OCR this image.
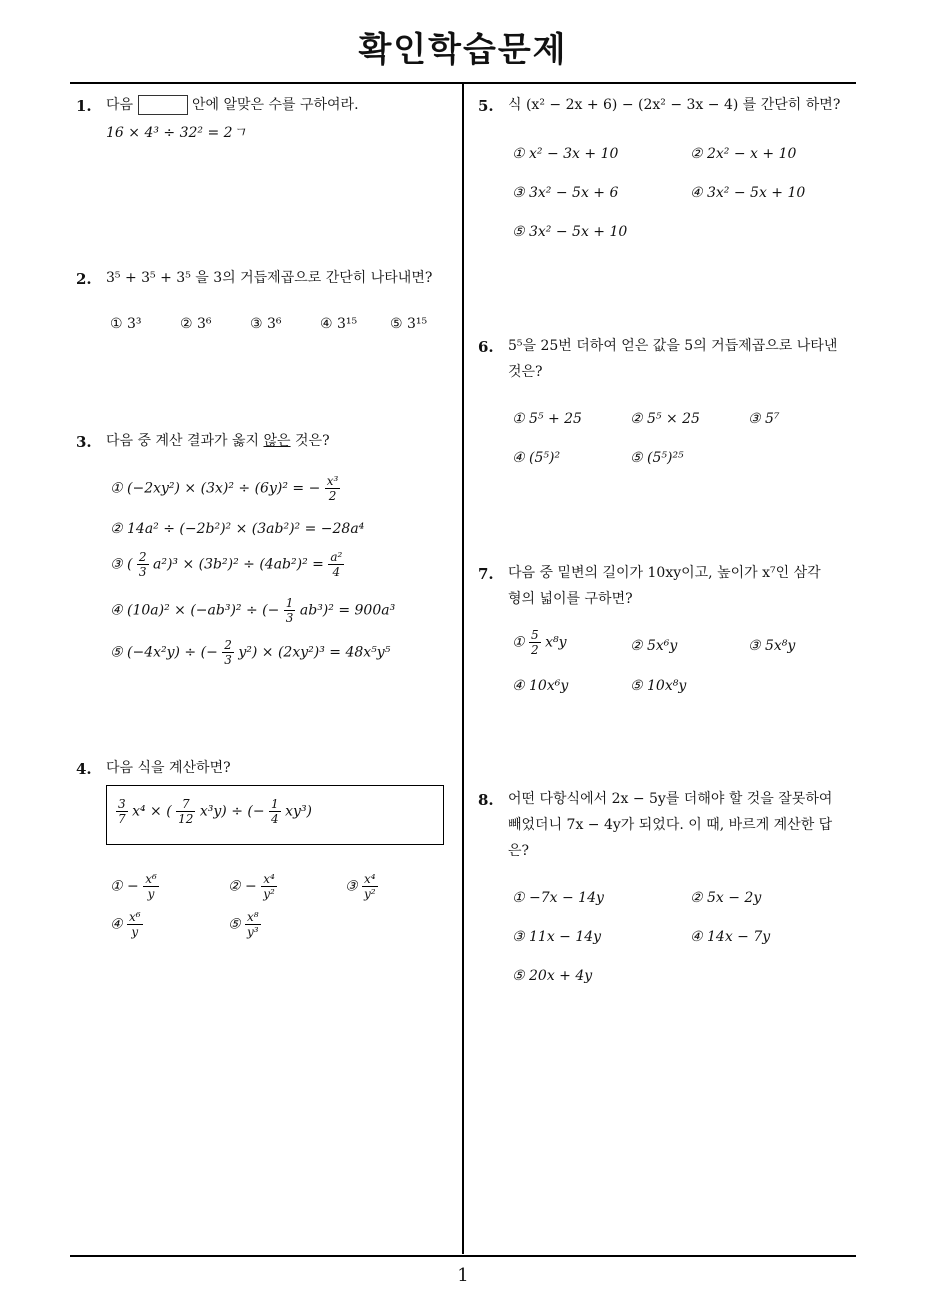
확인학습문제
1
1. 다음	안에 알맞은 수를 구하여라.
16 × 4³ ÷ 32² = 2ㄱ
2. 3⁵ + 3⁵ + 3⁵ 을 3의 거듭제곱으로 간단히 나타내면?
① 3³	② 3⁶	③ 3⁶	④ 3¹⁵ ⑤ 3¹⁵
3. 다음 중 계산 결과가 옳지 않은 것은?
① (−2xy²) × (3x)² ÷ (6y)² = − $\frac{\text{x³}}{2}$
② 14a² ÷ (−2b²)² × (3ab²)² = −28a⁴
③ ( $\frac{2}{3} a^2)^3 \times (3b^2)^2 \div (4ab^2)^2 = \frac{\text{a²}}{4}$
④ (10a)² × (−ab³)² ÷ (− $\frac{1}{3} ab^3)^2 = 900a^3$
⑤ (−4x²y) ÷ (− $\frac{2}{3} y^2) \times (2xy^2)^3 = 48x^5y^5$
4. 다음 식을 계산하면?
$\frac{3}{7} x^4$ × ( $\frac{7}{12} x^3y$) ÷ (− $\frac{1}{4} xy^3$)
① − $\frac{\text{x⁶}}{y}$	② − $\frac{\text{x⁴}}{\text{y²}}$	③ $\frac{\text{x⁴}}{\text{y²}}$
④ $\frac{\text{x⁶}}{y}$	⑤ $\frac{\text{x⁸}}{\text{y³}}$
5. 식 (x² − 2x + 6) − (2x² − 3x − 4) 를 간단히 하면?
① x² − 3x + 10	② 2x² − x + 10
③ 3x² − 5x + 6	④ 3x² − 5x + 10
⑤ 3x² − 5x + 10
6. 5⁵을 25번 더하여 얻은 값을 5의 거듭제곱으로 나타낸
것은?
① 5⁵ + 25	② 5⁵ × 25	③ 5⁷
④ (5⁵)²	⑤ (5⁵)²⁵
7. 다음 중 밑변의 길이가 10xy이고, 높이가 x⁷인 삼각
형의 넓이를 구하면?
① $\frac{5}{2} x^8y$	② 5x⁶y	③ 5x⁸y
④ 10x⁶y	⑤ 10x⁸y
8. 어떤 다항식에서 2x − 5y를 더해야 할 것을 잘못하여
빼었더니 7x − 4y가 되었다. 이 때, 바르게 계산한 답
은?
① −7x − 14y	② 5x − 2y
③ 11x − 14y	④ 14x − 7y
⑤ 20x + 4y
